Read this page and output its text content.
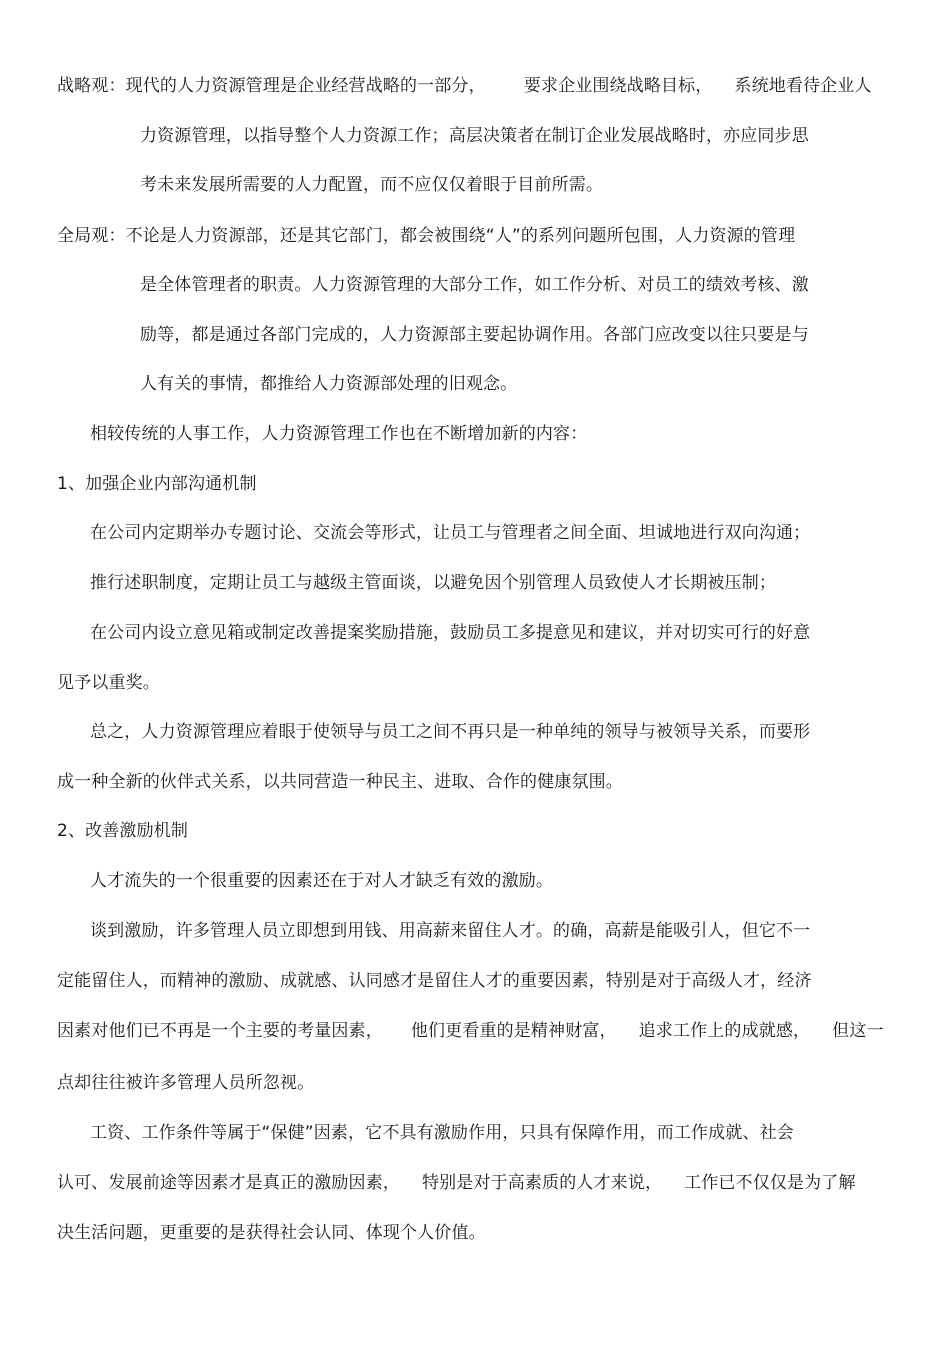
战略观：现代的人力资源管理是企业经营战略的一部分， 要求企业围绕战略目标， 系统地看待企业人
力资源管理，以指导整个人力资源工作；高层决策者在制订企业发展战略时，亦应同步思
考未来发展所需要的人力配置，而不应仅仅着眼于目前所需。
全局观：不论是人力资源部，还是其它部门，都会被围绕“人”的系列问题所包围，人力资源的管理
是全体管理者的职责。人力资源管理的大部分工作，如工作分析、对员工的绩效考核、激
励等，都是通过各部门完成的，人力资源部主要起协调作用。各部门应改变以往只要是与
人有关的事情，都推给人力资源部处理的旧观念。
相较传统的人事工作，人力资源管理工作也在不断增加新的内容：
1、加强企业内部沟通机制
在公司内定期举办专题讨论、交流会等形式，让员工与管理者之间全面、坦诚地进行双向沟通；
推行述职制度，定期让员工与越级主管面谈，以避免因个别管理人员致使人才长期被压制；
在公司内设立意见箱或制定改善提案奖励措施，鼓励员工多提意见和建议，并对切实可行的好意
见予以重奖。
总之，人力资源管理应着眼于使领导与员工之间不再只是一种单纯的领导与被领导关系，而要形
成一种全新的伙伴式关系，以共同营造一种民主、进取、合作的健康氛围。
2、改善激励机制
人才流失的一个很重要的因素还在于对人才缺乏有效的激励。
谈到激励，许多管理人员立即想到用钱、用高薪来留住人才。的确，高薪是能吸引人，但它不一
定能留住人，而精神的激励、成就感、认同感才是留住人才的重要因素，特别是对于高级人才，经济
因素对他们已不再是一个主要的考量因素， 他们更看重的是精神财富， 追求工作上的成就感， 但这一
点却往往被许多管理人员所忽视。
工资、工作条件等属于“保健”因素，它不具有激励作用，只具有保障作用，而工作成就、社会
认可、发展前途等因素才是真正的激励因素， 特别是对于高素质的人才来说， 工作已不仅仅是为了解
决生活问题，更重要的是获得社会认同、体现个人价值。
